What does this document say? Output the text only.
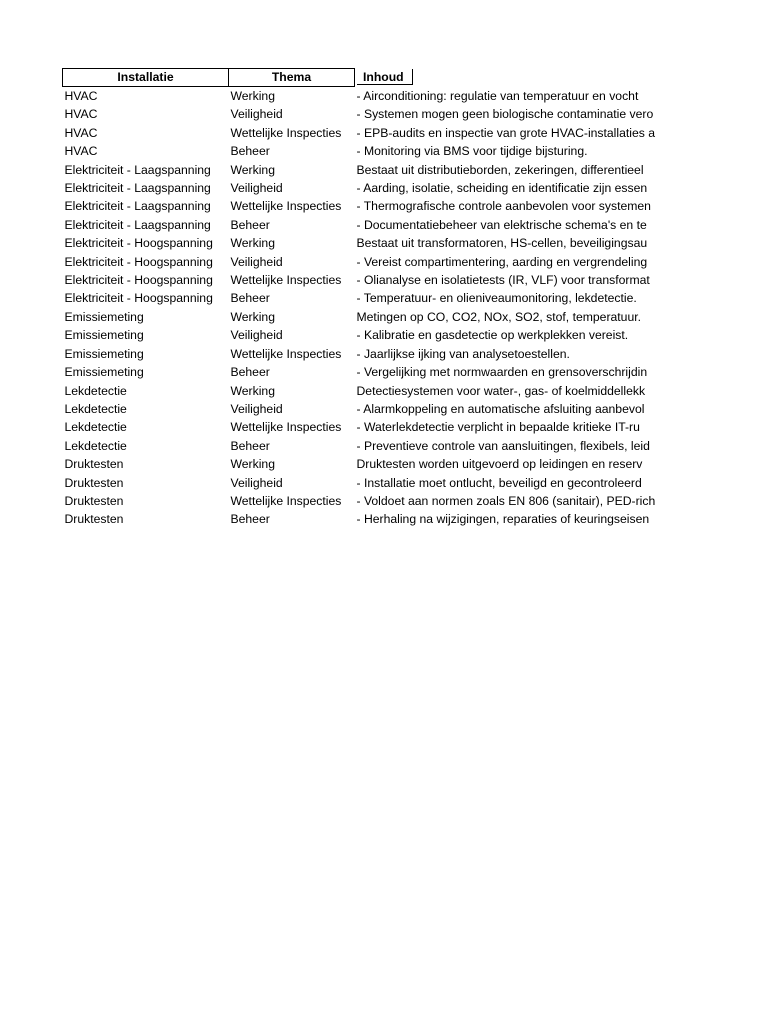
Installatie	Thema	Inhoud
HVAC	Werking	- Airconditioning: regulatie van temperatuur en vocht
HVAC	Veiligheid	- Systemen mogen geen biologische contaminatie vero
HVAC	Wettelijke Inspecties	- EPB-audits en inspectie van grote HVAC-installaties a
HVAC	Beheer	- Monitoring via BMS voor tijdige bijsturing.
Elektriciteit - Laagspanning	Werking	Bestaat uit distributieborden, zekeringen, differentieel
Elektriciteit - Laagspanning	Veiligheid	- Aarding, isolatie, scheiding en identificatie zijn essen
Elektriciteit - Laagspanning	Wettelijke Inspecties	- Thermografische controle aanbevolen voor systemen
Elektriciteit - Laagspanning	Beheer	- Documentatiebeheer van elektrische schema's en te
Elektriciteit - Hoogspanning	Werking	Bestaat uit transformatoren, HS-cellen, beveiligingsau
Elektriciteit - Hoogspanning	Veiligheid	- Vereist compartimentering, aarding en vergrendeling
Elektriciteit - Hoogspanning	Wettelijke Inspecties	- Olianalyse en isolatietests (IR, VLF) voor transformat
Elektriciteit - Hoogspanning	Beheer	- Temperatuur- en olieniveaumonitoring, lekdetectie.
Emissiemeting	Werking	Metingen op CO, CO2, NOx, SO2, stof, temperatuur.
Emissiemeting	Veiligheid	- Kalibratie en gasdetectie op werkplekken vereist.
Emissiemeting	Wettelijke Inspecties	- Jaarlijkse ijking van analysetoestellen.
Emissiemeting	Beheer	- Vergelijking met normwaarden en grensoverschrijdin
Lekdetectie	Werking	Detectiesystemen voor water-, gas- of koelmiddellekk
Lekdetectie	Veiligheid	- Alarmkoppeling en automatische afsluiting aanbevol
Lekdetectie	Wettelijke Inspecties	- Waterlekdetectie verplicht in bepaalde kritieke IT-ru
Lekdetectie	Beheer	- Preventieve controle van aansluitingen, flexibels, leid
Druktesten	Werking	Druktesten worden uitgevoerd op leidingen en reserv
Druktesten	Veiligheid	- Installatie moet ontlucht, beveiligd en gecontroleerd
Druktesten	Wettelijke Inspecties	- Voldoet aan normen zoals EN 806 (sanitair), PED-rich
Druktesten	Beheer	- Herhaling na wijzigingen, reparaties of keuringseisen
